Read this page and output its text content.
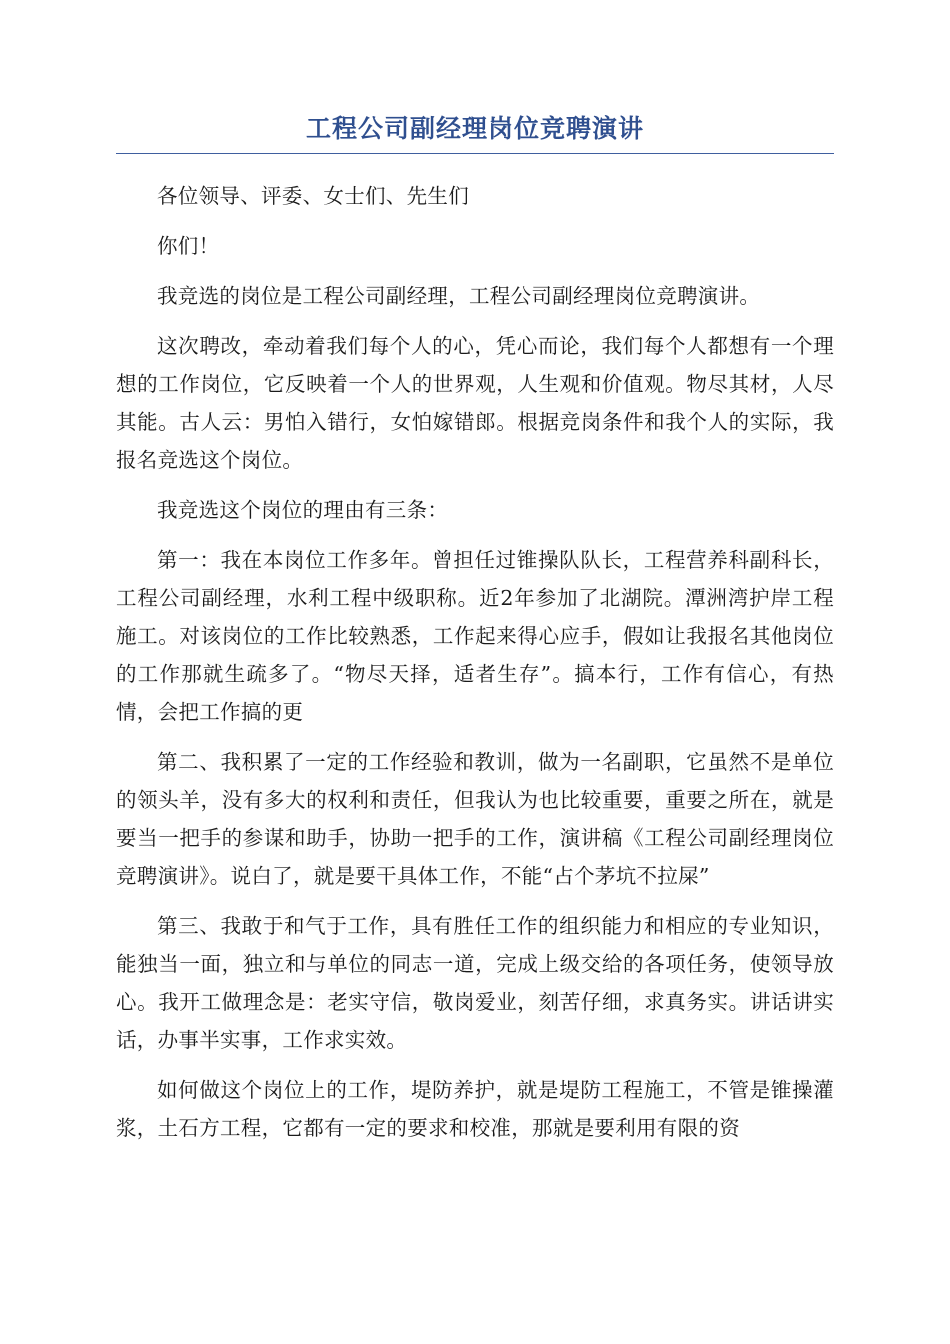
工程公司副经理岗位竞聘演讲

各位领导、评委、女士们、先生们

你们！

我竞选的岗位是工程公司副经理，工程公司副经理岗位竞聘演讲。

这次聘改，牵动着我们每个人的心，凭心而论，我们每个人都想有一个理想的工作岗位，它反映着一个人的世界观，人生观和价值观。物尽其材，人尽其能。古人云：男怕入错行，女怕嫁错郎。根据竞岗条件和我个人的实际，我报名竞选这个岗位。

我竞选这个岗位的理由有三条：

第一：我在本岗位工作多年。曾担任过锥操队队长，工程营养科副科长，工程公司副经理，水利工程中级职称。近2年参加了北湖院。潭洲湾护岸工程施工。对该岗位的工作比较熟悉，工作起来得心应手，假如让我报名其他岗位的工作那就生疏多了。“物尽天择，适者生存”。搞本行，工作有信心，有热情，会把工作搞的更

第二、我积累了一定的工作经验和教训，做为一名副职，它虽然不是单位的领头羊，没有多大的权利和责任，但我认为也比较重要，重要之所在，就是要当一把手的参谋和助手，协助一把手的工作，演讲稿《工程公司副经理岗位竞聘演讲》。说白了，就是要干具体工作，不能“占个茅坑不拉屎”

第三、我敢于和气于工作，具有胜任工作的组织能力和相应的专业知识，能独当一面，独立和与单位的同志一道，完成上级交给的各项任务，使领导放心。我开工做理念是：老实守信，敬岗爱业，刻苦仔细，求真务实。讲话讲实话，办事半实事，工作求实效。

如何做这个岗位上的工作，堤防养护，就是堤防工程施工，不管是锥操灌浆，土石方工程，它都有一定的要求和校准，那就是要利用有限的资
